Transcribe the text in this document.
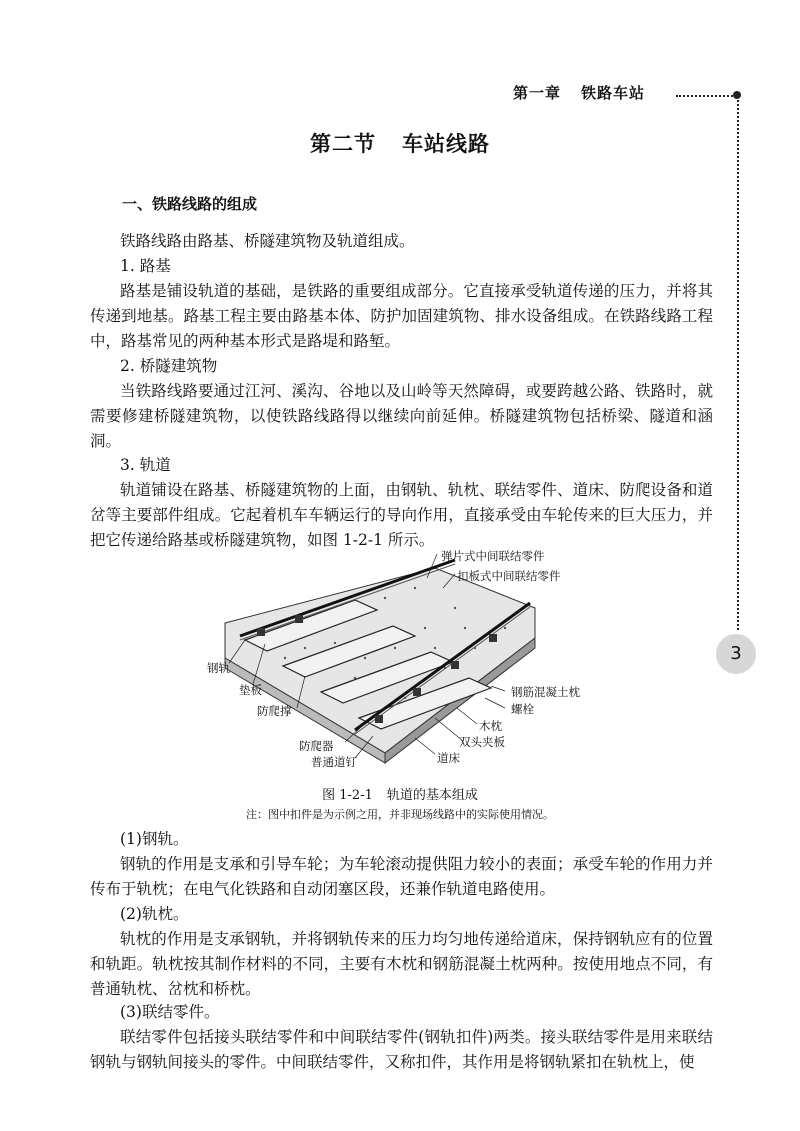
第一章 铁路车站
3
第二节 车站线路
一、铁路线路的组成

铁路线路由路基、桥隧建筑物及轨道组成。

1. 路基

路基是铺设轨道的基础，是铁路的重要组成部分。它直接承受轨道传递的压力，并将其传递到地基。路基工程主要由路基本体、防护加固建筑物、排水设备组成。在铁路线路工程中，路基常见的两种基本形式是路堤和路堑。

2. 桥隧建筑物

当铁路线路要通过江河、溪沟、谷地以及山岭等天然障碍，或要跨越公路、铁路时，就需要修建桥隧建筑物，以使铁路线路得以继续向前延伸。桥隧建筑物包括桥梁、隧道和涵洞。

3. 轨道

轨道铺设在路基、桥隧建筑物的上面，由钢轨、轨枕、联结零件、道床、防爬设备和道岔等主要部件组成。它起着机车车辆运行的导向作用，直接承受由车轮传来的巨大压力，并把它传递给路基或桥隧建筑物，如图 1-2-1 所示。

弹片式中间联结零件
扣板式中间联结零件
钢轨
垫板
防爬撑
钢筋混凝土枕
螺栓
木枕
双头夹板
道床
防爬器
普通道钉
图 1-2-1 轨道的基本组成
注：图中扣件是为示例之用，并非现场线路中的实际使用情况。

(1)钢轨。

钢轨的作用是支承和引导车轮；为车轮滚动提供阻力较小的表面；承受车轮的作用力并传布于轨枕；在电气化铁路和自动闭塞区段，还兼作轨道电路使用。

(2)轨枕。

轨枕的作用是支承钢轨，并将钢轨传来的压力均匀地传递给道床，保持钢轨应有的位置和轨距。轨枕按其制作材料的不同，主要有木枕和钢筋混凝土枕两种。按使用地点不同，有普通轨枕、岔枕和桥枕。

(3)联结零件。

联结零件包括接头联结零件和中间联结零件(钢轨扣件)两类。接头联结零件是用来联结钢轨与钢轨间接头的零件。中间联结零件，又称扣件，其作用是将钢轨紧扣在轨枕上，使
